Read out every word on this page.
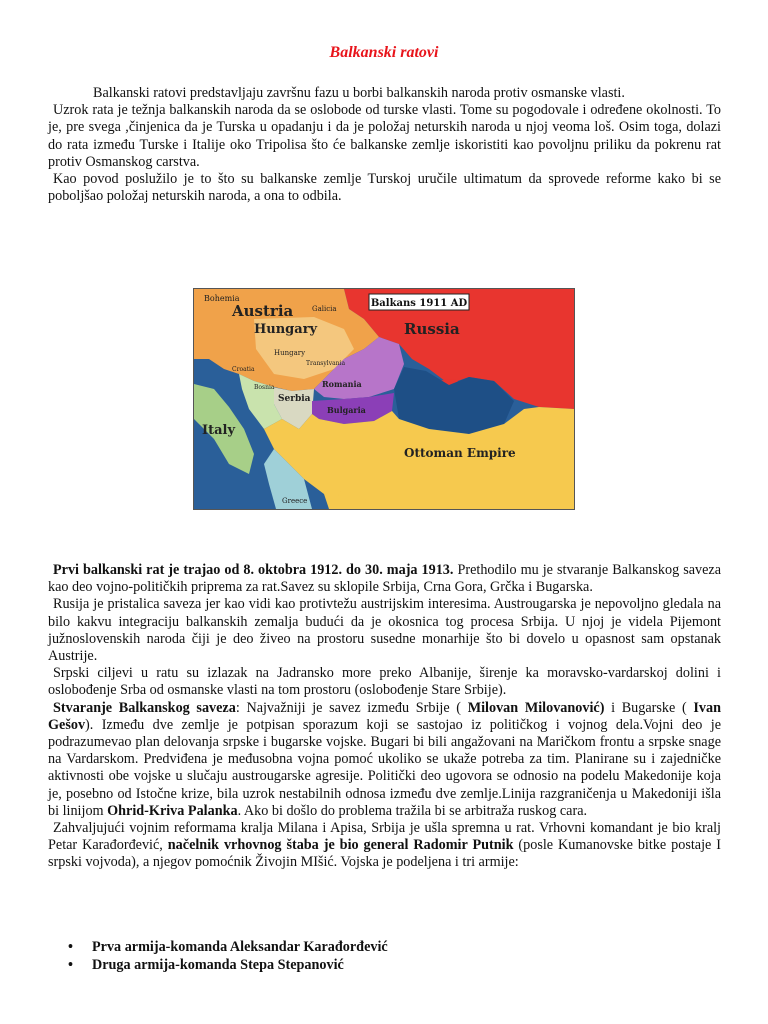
Balkanski ratovi

Balkanski ratovi predstavljaju završnu fazu u borbi balkanskih naroda protiv osmanske vlasti.

Uzrok rata je težnja balkanskih naroda da se oslobode od turske vlasti. Tome su pogodovale i određene okolnosti. To je, pre svega ,činjenica da je Turska u opadanju i da je položaj neturskih naroda u njoj veoma loš. Osim toga, dolazi do rata između Turske i Italije oko Tripolisa što će balkanske zemlje iskoristiti kao povoljnu priliku da pokrenu rat protiv Osmanskog carstva.

Kao povod poslužilo je to što su balkanske zemlje Turskoj uručile ultimatum da sprovede reforme kako bi se poboljšao položaj neturskih naroda, a ona to odbila.

Balkans 1911 AD
Bohemia
Austria
Hungary
Galicia
Hungary
Transylvania
Croatia
Bosnia
Serbia
Romania
Bulgaria
Russia
Italy
Ottoman Empire
Greece

Prvi balkanski rat je trajao od 8. oktobra 1912. do 30. maja 1913. Prethodilo mu je stvaranje Balkanskog saveza kao deo vojno-političkih priprema za rat.Savez su sklopile Srbija, Crna Gora, Grčka i Bugarska.

Rusija je pristalica saveza jer kao vidi kao protivtežu austrijskim interesima. Austrougarska je nepovoljno gledala na bilo kakvu integraciju balkanskih zemalja budući da je okosnica tog procesa Srbija. U njoj je videla Pijemont južnoslovenskih naroda čiji je deo živeo na prostoru susedne monarhije što bi dovelo u opasnost sam opstanak Austrije.

Srpski ciljevi u ratu su izlazak na Jadransko more preko Albanije, širenje ka moravsko-vardarskoj dolini i oslobođenje Srba od osmanske vlasti na tom prostoru (oslobođenje Stare Srbije).

Stvaranje Balkanskog saveza: Najvažniji je savez između Srbije ( Milovan Milovanović) i Bugarske ( Ivan Gešov). Između dve zemlje je potpisan sporazum koji se sastojao iz političkog i vojnog dela.Vojni deo je podrazumevao plan delovanja srpske i bugarske vojske. Bugari bi bili angažovani na Maričkom frontu a srpske snage na Vardarskom. Predviđena je međusobna vojna pomoć ukoliko se ukaže potreba za tim. Planirane su i zajedničke aktivnosti obe vojske u slučaju austrougarske agresije. Politički deo ugovora se odnosio na podelu Makedonije koja je, posebno od Istočne krize, bila uzrok nestabilnih odnosa između dve zemlje.Linija razgraničenja u Makedoniji išla bi linijom Ohrid-Kriva Palanka. Ako bi došlo do problema tražila bi se arbitraža ruskog cara.

Zahvaljujući vojnim reformama kralja Milana i Apisa, Srbija je ušla spremna u rat. Vrhovni komandant je bio kralj Petar Karađorđević, načelnik vrhovnog štaba je bio general Radomir Putnik (posle Kumanovske bitke postaje I srpski vojvoda), a njegov pomoćnik Živojin MIšić. Vojska je podeljena i tri armije:

• Prva armija-komanda Aleksandar Karađorđević
• Druga armija-komanda Stepa Stepanović
